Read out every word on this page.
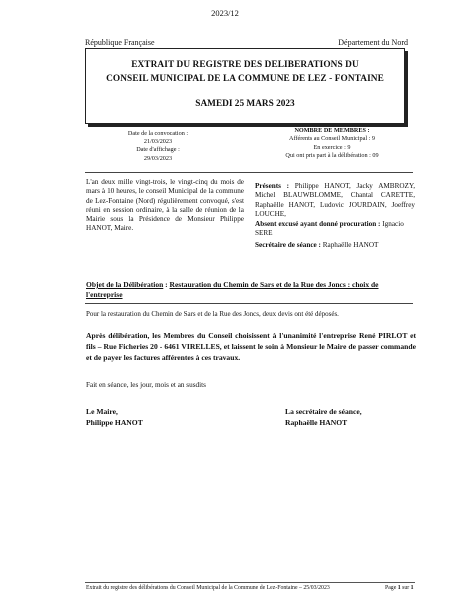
2023/12
République Française	Département du Nord
EXTRAIT DU REGISTRE DES DELIBERATIONS DU
CONSEIL MUNICIPAL DE LA COMMUNE DE LEZ - FONTAINE
SAMEDI 25 MARS 2023
Date de la convocation :
21/03/2023
Date d'affichage :
29/03/2023
NOMBRE DE MEMBRES :
Afférents au Conseil Municipal : 9
En exercice : 9
Qui ont pris part à la délibération : 09
L'an deux mille vingt-trois, le vingt-cinq du mois de mars à 10 heures, le conseil Municipal de la commune de Lez-Fontaine (Nord) régulièrement convoqué, s'est réuni en session ordinaire, à la salle de réunion de la Mairie sous la Présidence de Monsieur Philippe HANOT, Maire.
Présents : Philippe HANOT, Jacky AMBROZY, Michel BLAUWBLOMME, Chantal CARETTE, Raphaëlle HANOT, Ludovic JOURDAIN, Joeffrey LOUCHE,
Absent excusé ayant donné procuration : Ignacio SERE
Secrétaire de séance : Raphaëlle HANOT
Objet de la Délibération : Restauration du Chemin de Sars et de la Rue des Joncs : choix de l'entreprise
Pour la restauration du Chemin de Sars et de la Rue des Joncs, deux devis ont été déposés.
Après délibération, les Membres du Conseil choisissent à l'unanimité l'entreprise René PIRLOT et fils – Rue Ficheries 20 - 6461 VIRELLES, et laissent le soin à Monsieur le Maire de passer commande et de payer les factures afférentes à ces travaux.
Fait en séance, les jour, mois et an susdits
Le Maire,
Philippe HANOT
La secrétaire de séance,
Raphaëlle HANOT
Extrait du registre des délibérations du Conseil Municipal de la Commune de Lez-Fontaine – 25/03/2023	Page 1 sur 1
